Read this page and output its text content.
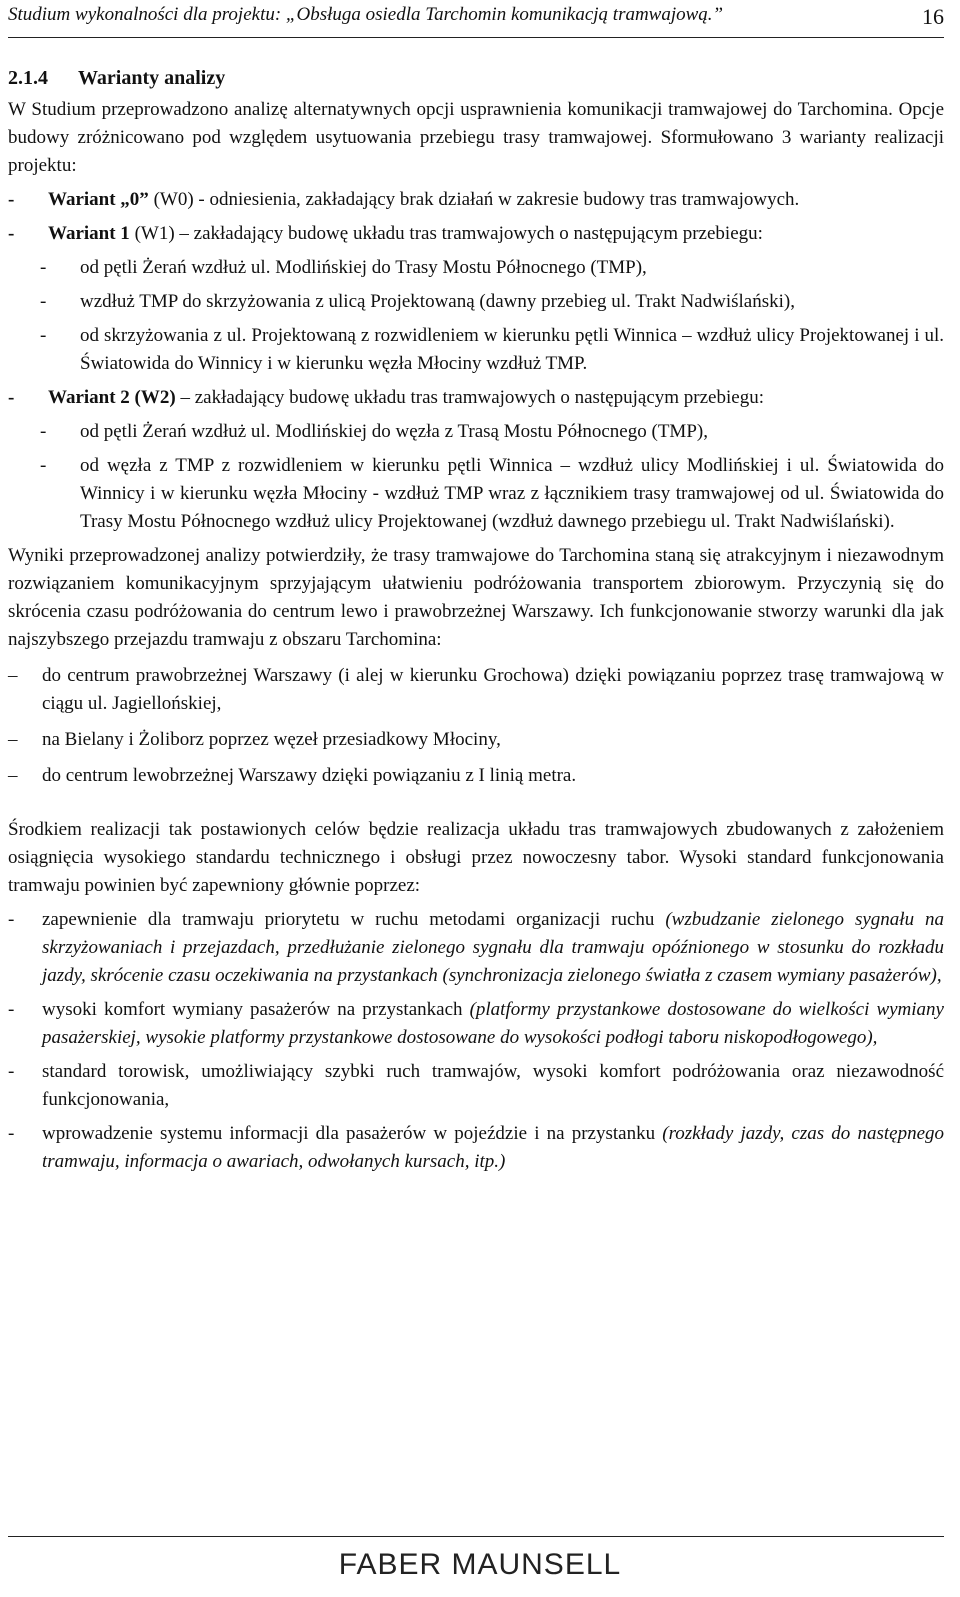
Studium wykonalności dla projektu: „Obsługa osiedla Tarchomin komunikacją tramwajową.”	16
2.1.4 Warianty analizy

W Studium przeprowadzono analizę alternatywnych opcji usprawnienia komunikacji tramwajowej do Tarchomina. Opcje budowy zróżnicowano pod względem usytuowania przebiegu trasy tramwajowej. Sformułowano 3 warianty realizacji projektu:

- Wariant „0” (W0) - odniesienia, zakładający brak działań w zakresie budowy tras tramwajowych.
- Wariant 1 (W1) – zakładający budowę układu tras tramwajowych o następującym przebiegu:
- od pętli Żerań wzdłuż ul. Modlińskiej do Trasy Mostu Północnego (TMP),
- wzdłuż TMP do skrzyżowania z ulicą Projektowaną (dawny przebieg ul. Trakt Nadwiślański),
- od skrzyżowania z ul. Projektowaną z rozwidleniem w kierunku pętli Winnica – wzdłuż ulicy Projektowanej i ul. Światowida do Winnicy i w kierunku węzła Młociny wzdłuż TMP.
- Wariant 2 (W2) – zakładający budowę układu tras tramwajowych o następującym przebiegu:
- od pętli Żerań wzdłuż ul. Modlińskiej do węzła z Trasą Mostu Północnego (TMP),
- od węzła z TMP z rozwidleniem w kierunku pętli Winnica – wzdłuż ulicy Modlińskiej i ul. Światowida do Winnicy i w kierunku węzła Młociny - wzdłuż TMP wraz z łącznikiem trasy tramwajowej od ul. Światowida do Trasy Mostu Północnego wzdłuż ulicy Projektowanej (wzdłuż dawnego przebiegu ul. Trakt Nadwiślański).

Wyniki przeprowadzonej analizy potwierdziły, że trasy tramwajowe do Tarchomina staną się atrakcyjnym i niezawodnym rozwiązaniem komunikacyjnym sprzyjającym ułatwieniu podróżowania transportem zbiorowym. Przyczynią się do skrócenia czasu podróżowania do centrum lewo i prawobrzeżnej Warszawy. Ich funkcjonowanie stworzy warunki dla jak najszybszego przejazdu tramwaju z obszaru Tarchomina:

– do centrum prawobrzeżnej Warszawy (i alej w kierunku Grochowa) dzięki powiązaniu poprzez trasę tramwajową w ciągu ul. Jagiellońskiej,
– na Bielany i Żoliborz poprzez węzeł przesiadkowy Młociny,
– do centrum lewobrzeżnej Warszawy dzięki powiązaniu z I linią metra.

Środkiem realizacji tak postawionych celów będzie realizacja układu tras tramwajowych zbudowanych z założeniem osiągnięcia wysokiego standardu technicznego i obsługi przez nowoczesny tabor. Wysoki standard funkcjonowania tramwaju powinien być zapewniony głównie poprzez:

- zapewnienie dla tramwaju priorytetu w ruchu metodami organizacji ruchu (wzbudzanie zielonego sygnału na skrzyżowaniach i przejazdach, przedłużanie zielonego sygnału dla tramwaju opóźnionego w stosunku do rozkładu jazdy, skrócenie czasu oczekiwania na przystankach (synchronizacja zielonego światła z czasem wymiany pasażerów),
- wysoki komfort wymiany pasażerów na przystankach (platformy przystankowe dostosowane do wielkości wymiany pasażerskiej, wysokie platformy przystankowe dostosowane do wysokości podłogi taboru niskopodłogowego),
- standard torowisk, umożliwiający szybki ruch tramwajów, wysoki komfort podróżowania oraz niezawodność funkcjonowania,
- wprowadzenie systemu informacji dla pasażerów w pojeździe i na przystanku (rozkłady jazdy, czas do następnego tramwaju, informacja o awariach, odwołanych kursach, itp.)
FABER MAUNSELL
